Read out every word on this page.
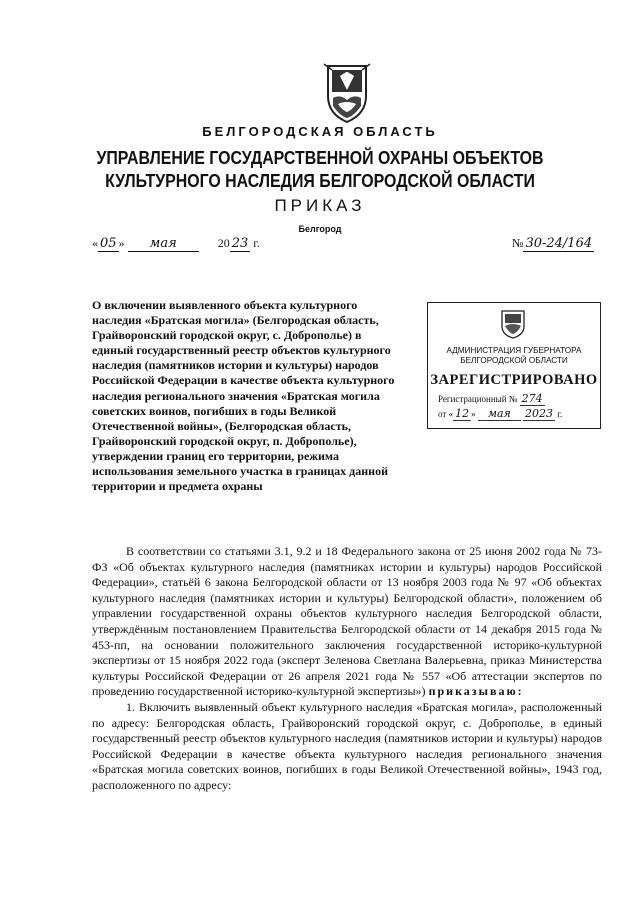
БЕЛГОРОДСКАЯ ОБЛАСТЬ
УПРАВЛЕНИЕ ГОСУДАРСТВЕННОЙ ОХРАНЫ ОБЪЕКТОВ
КУЛЬТУРНОГО НАСЛЕДИЯ БЕЛГОРОДСКОЙ ОБЛАСТИ
ПРИКАЗ
Белгород
« 05 » мая	20 23 г.	№ 30-24/164
О включении выявленного объекта культурного наследия «Братская могила» (Белгородская область, Грайворонский городской округ, с. Доброполье) в единый государственный реестр объектов культурного наследия (памятников истории и культуры) народов Российской Федерации в качестве объекта культурного наследия регионального значения «Братская могила советских воинов, погибших в годы Великой Отечественной войны», (Белгородская область, Грайворонский городской округ, п. Доброполье), утверждении границ его территории, режима использования земельного участка в границах данной территории и предмета охраны
АДМИНИСТРАЦИЯ ГУБЕРНАТОРА
БЕЛГОРОДСКОЙ ОБЛАСТИ
ЗАРЕГИСТРИРОВАНО
Регистрационный № 274
от « 12 » мая 2023 г.

В соответствии со статьями 3.1, 9.2 и 18 Федерального закона от 25 июня 2002 года № 73-ФЗ «Об объектах культурного наследия (памятниках истории и культуры) народов Российской Федерации», статьёй 6 закона Белгородской области от 13 ноября 2003 года № 97 «Об объектах культурного наследия (памятниках истории и культуры) Белгородской области», положением об управлении государственной охраны объектов культурного наследия Белгородской области, утверждённым постановлением Правительства Белгородской области от 14 декабря 2015 года № 453-пп, на основании положительного заключения государственной историко-культурной экспертизы от 15 ноября 2022 года (эксперт Зеленова Светлана Валерьевна, приказ Министерства культуры Российской Федерации от 26 апреля 2021 года № 557 «Об аттестации экспертов по проведению государственной историко-культурной экспертизы») приказываю:

1. Включить выявленный объект культурного наследия «Братская могила», расположенный по адресу: Белгородская область, Грайворонский городской округ, с. Доброполье, в единый государственный реестр объектов культурного наследия (памятников истории и культуры) народов Российской Федерации в качестве объекта культурного наследия регионального значения «Братская могила советских воинов, погибших в годы Великой Отечественной войны», 1943 год, расположенного по адресу:
